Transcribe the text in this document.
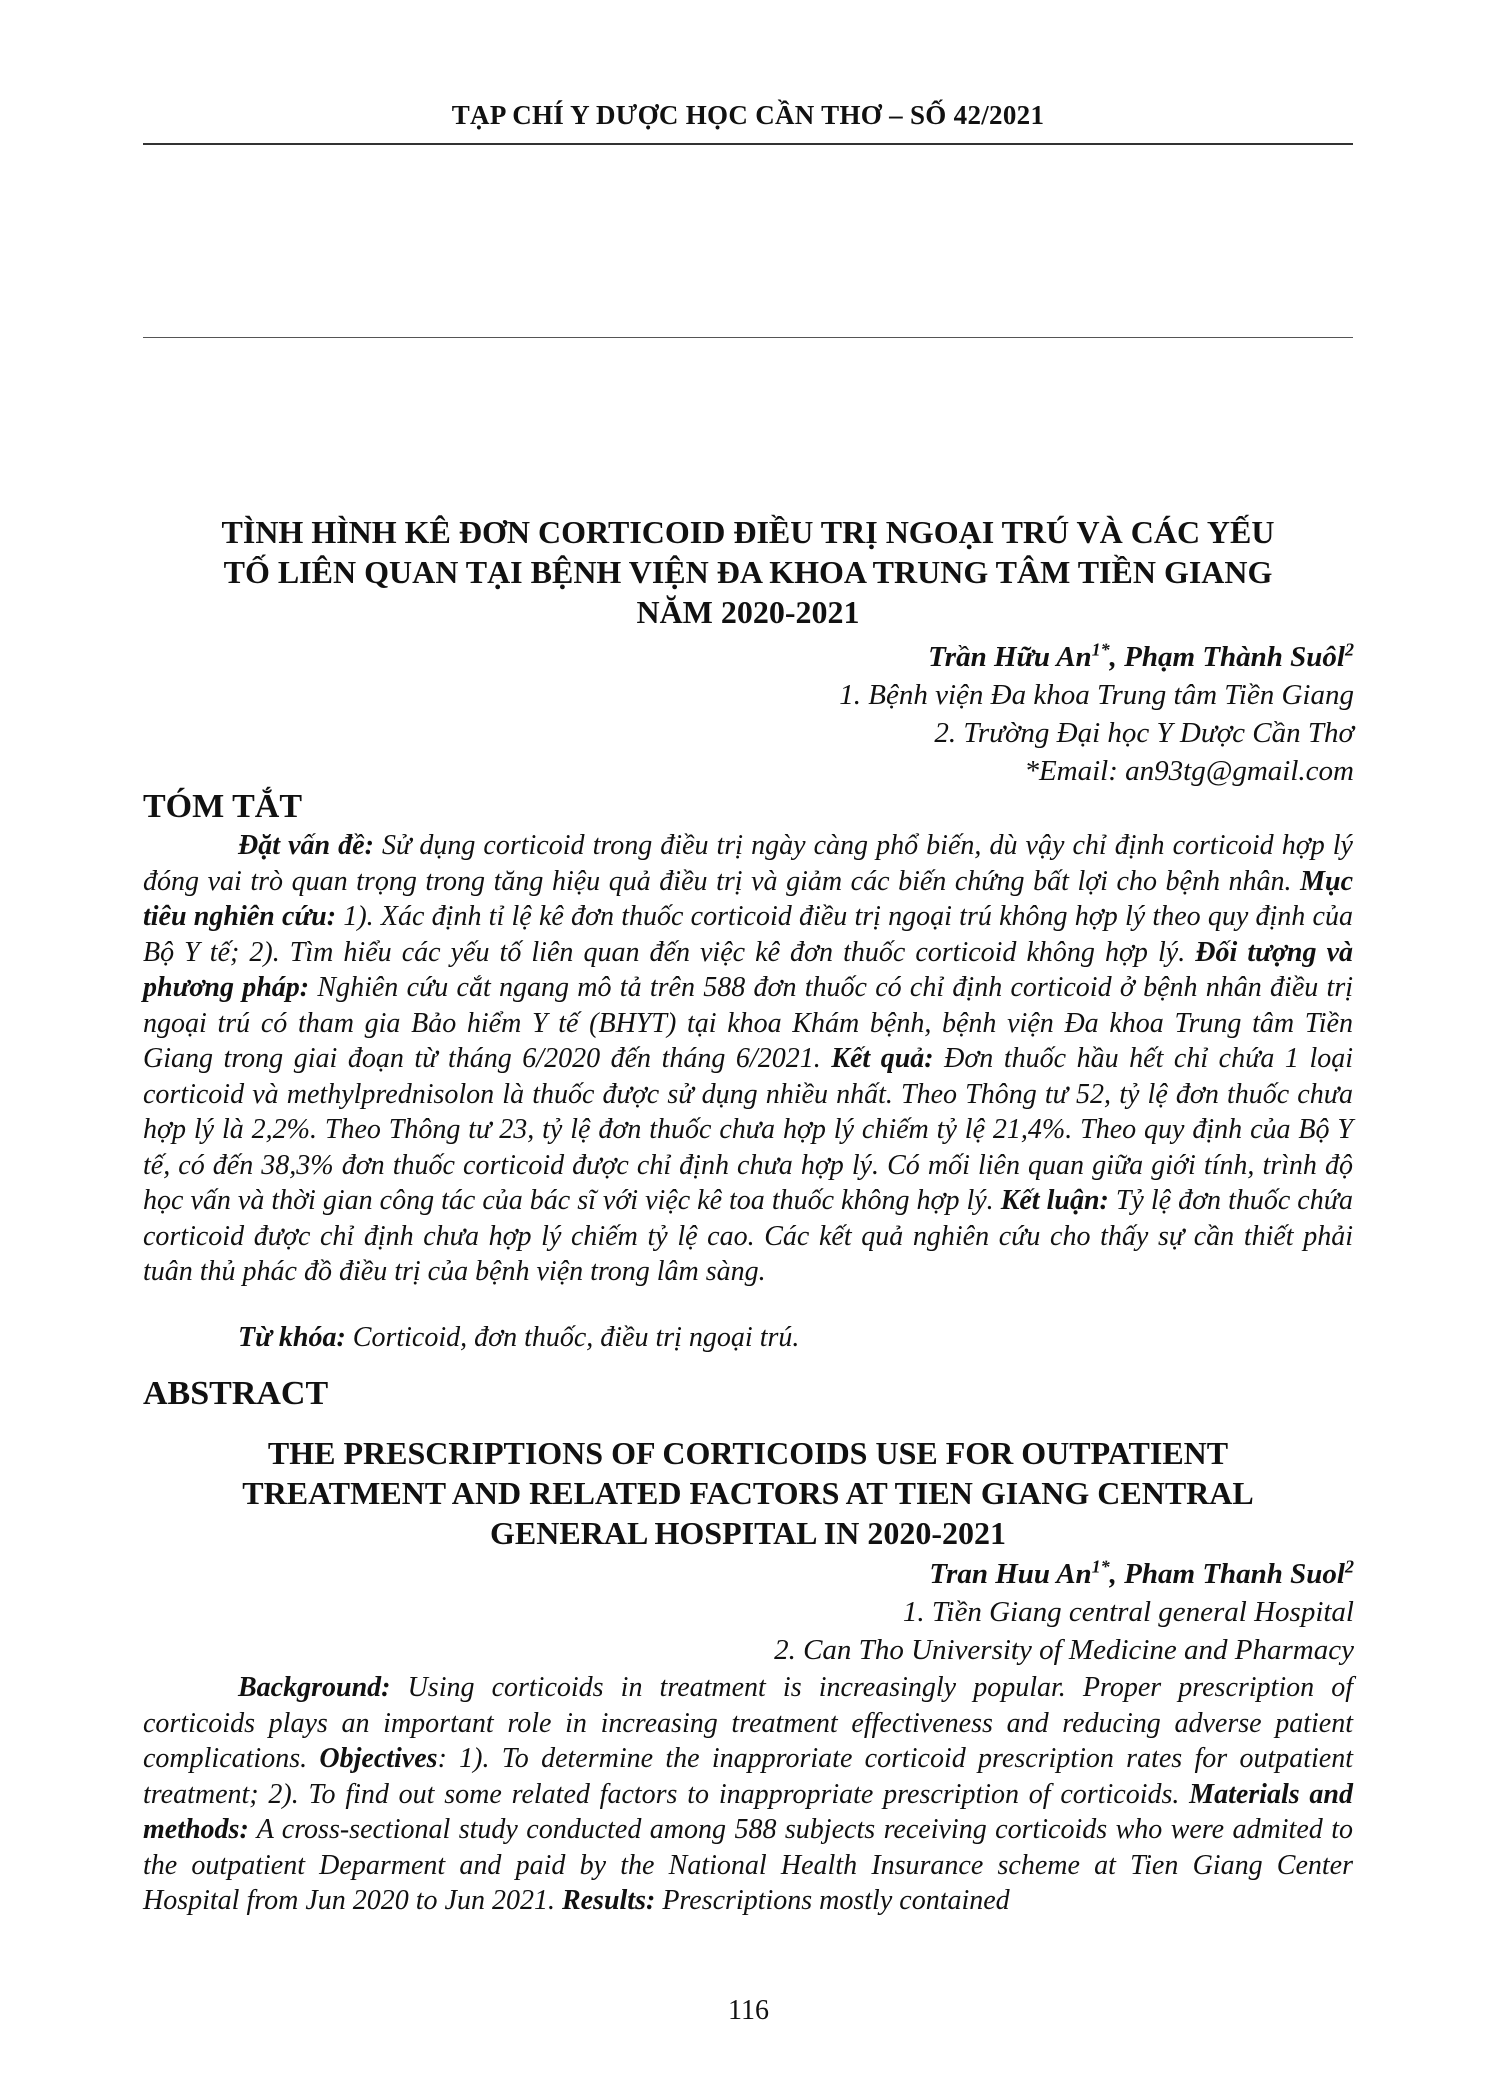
TẠP CHÍ Y DƯỢC HỌC CẦN THƠ – SỐ 42/2021
TÌNH HÌNH KÊ ĐƠN CORTICOID ĐIỀU TRỊ NGOẠI TRÚ VÀ CÁC YẾU
TỐ LIÊN QUAN TẠI BỆNH VIỆN ĐA KHOA TRUNG TÂM TIỀN GIANG
NĂM 2020-2021
Trần Hữu $An^{1*}$, Phạm Thành Suôl$^2$
1. Bệnh viện Đa khoa Trung tâm Tiền Giang
2. Trường Đại học Y Dược Cần Thơ
*Email: an93tg@gmail.com
TÓM TẮT

Đặt vấn đề: Sử dụng corticoid trong điều trị ngày càng phổ biến, dù vậy chỉ định corticoid hợp lý đóng vai trò quan trọng trong tăng hiệu quả điều trị và giảm các biến chứng bất lợi cho bệnh nhân. Mục tiêu nghiên cứu: 1). Xác định tỉ lệ kê đơn thuốc corticoid điều trị ngoại trú không hợp lý theo quy định của Bộ Y tế; 2). Tìm hiểu các yếu tố liên quan đến việc kê đơn thuốc corticoid không hợp lý. Đối tượng và phương pháp: Nghiên cứu cắt ngang mô tả trên 588 đơn thuốc có chỉ định corticoid ở bệnh nhân điều trị ngoại trú có tham gia Bảo hiểm Y tế (BHYT) tại khoa Khám bệnh, bệnh viện Đa khoa Trung tâm Tiền Giang trong giai đoạn từ tháng 6/2020 đến tháng 6/2021. Kết quả: Đơn thuốc hầu hết chỉ chứa 1 loại corticoid và methylprednisolon là thuốc được sử dụng nhiều nhất. Theo Thông tư 52, tỷ lệ đơn thuốc chưa hợp lý là 2,2%. Theo Thông tư 23, tỷ lệ đơn thuốc chưa hợp lý chiếm tỷ lệ 21,4%. Theo quy định của Bộ Y tế, có đến 38,3% đơn thuốc corticoid được chỉ định chưa hợp lý. Có mối liên quan giữa giới tính, trình độ học vấn và thời gian công tác của bác sĩ với việc kê toa thuốc không hợp lý. Kết luận: Tỷ lệ đơn thuốc chứa corticoid được chỉ định chưa hợp lý chiếm tỷ lệ cao. Các kết quả nghiên cứu cho thấy sự cần thiết phải tuân thủ phác đồ điều trị của bệnh viện trong lâm sàng.

Từ khóa: Corticoid, đơn thuốc, điều trị ngoại trú.

ABSTRACT
THE PRESCRIPTIONS OF CORTICOIDS USE FOR OUTPATIENT
TREATMENT AND RELATED FACTORS AT TIEN GIANG CENTRAL
GENERAL HOSPITAL IN 2020-2021
Tran Huu $An^{1*}$, Pham Thanh Suol$^2$
1. Tiền Giang central general Hospital
2. Can Tho University of Medicine and Pharmacy

Background: Using corticoids in treatment is increasingly popular. Proper prescription of corticoids plays an important role in increasing treatment effectiveness and reducing adverse patient complications. Objectives: 1). To determine the inapproriate corticoid prescription rates for outpatient treatment; 2). To find out some related factors to inappropriate prescription of corticoids. Materials and methods: A cross-sectional study conducted among 588 subjects receiving corticoids who were admited to the outpatient Deparment and paid by the National Health Insurance scheme at Tien Giang Center Hospital from Jun 2020 to Jun 2021. Results: Prescriptions mostly contained

116
